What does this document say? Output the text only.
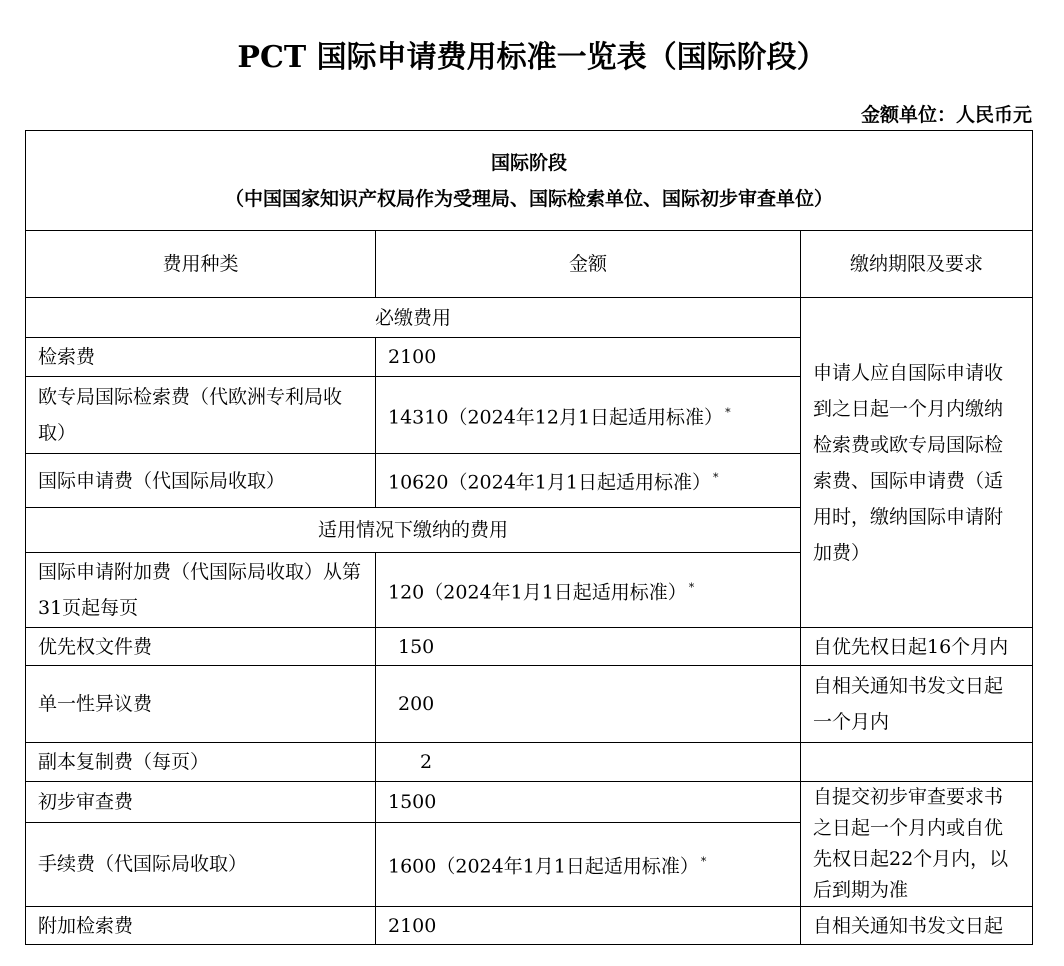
PCT 国际申请费用标准一览表（国际阶段）
金额单位：人民币元
国际阶段
（中国国家知识产权局作为受理局、国际检索单位、国际初步审查单位）		

费用种类	金额	缴纳期限及要求
必缴费用		申请人应自国际申请收到之日起一个月内缴纳检索费或欧专局国际检索费、国际申请费（适用时，缴纳国际申请附加费）
检索费	2100	
欧专局国际检索费（代欧洲专利局收取）	14310（2024年12月1日起适用标准） *
国际申请费（代国际局收取）	10620（2024年1月1日起适用标准） *
适用情况下缴纳的费用		
国际申请附加费（代国际局收取）从第31页起每页	120（2024年1月1日起适用标准） *
优先权文件费	150	自优先权日起16个月内
单一性异议费	200	自相关通知书发文日起一个月内
副本复制费（每页）	2	
初步审查费	1500	自提交初步审查要求书之日起一个月内或自优先权日起22个月内，以后到期为准
手续费（代国际局收取）	1600（2024年1月1日起适用标准） *
附加检索费	2100	自相关通知书发文日起
